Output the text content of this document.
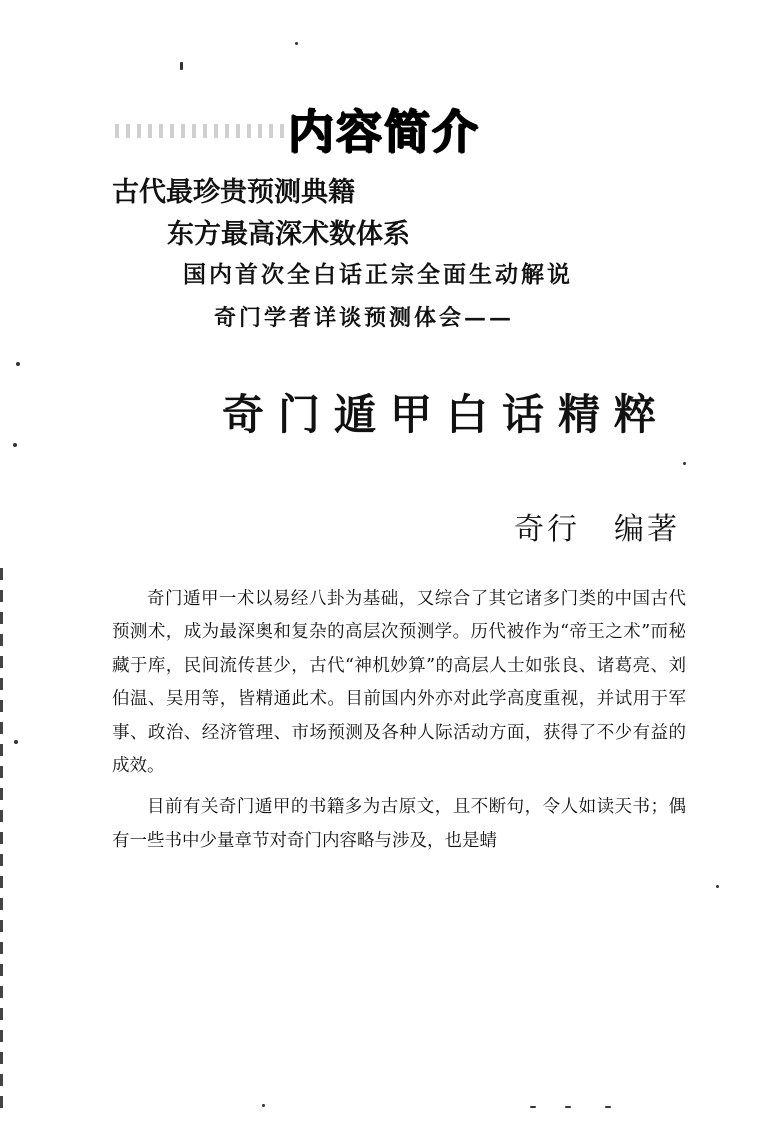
内容简介
古代最珍贵预测典籍
东方最高深术数体系
国内首次全白话正宗全面生动解说
奇门学者详谈预测体会——
奇门遁甲白话精粹
奇行 编著

奇门遁甲一术以易经八卦为基础，又综合了其它诸多门类的中国古代预测术，成为最深奥和复杂的高层次预测学。历代被作为“帝王之术”而秘藏于库，民间流传甚少，古代“神机妙算”的高层人士如张良、诸葛亮、刘伯温、吴用等，皆精通此术。目前国内外亦对此学高度重视，并试用于军事、政治、经济管理、市场预测及各种人际活动方面，获得了不少有益的成效。

目前有关奇门遁甲的书籍多为古原文，且不断句，令人如读天书；偶有一些书中少量章节对奇门内容略与涉及，也是蜻
